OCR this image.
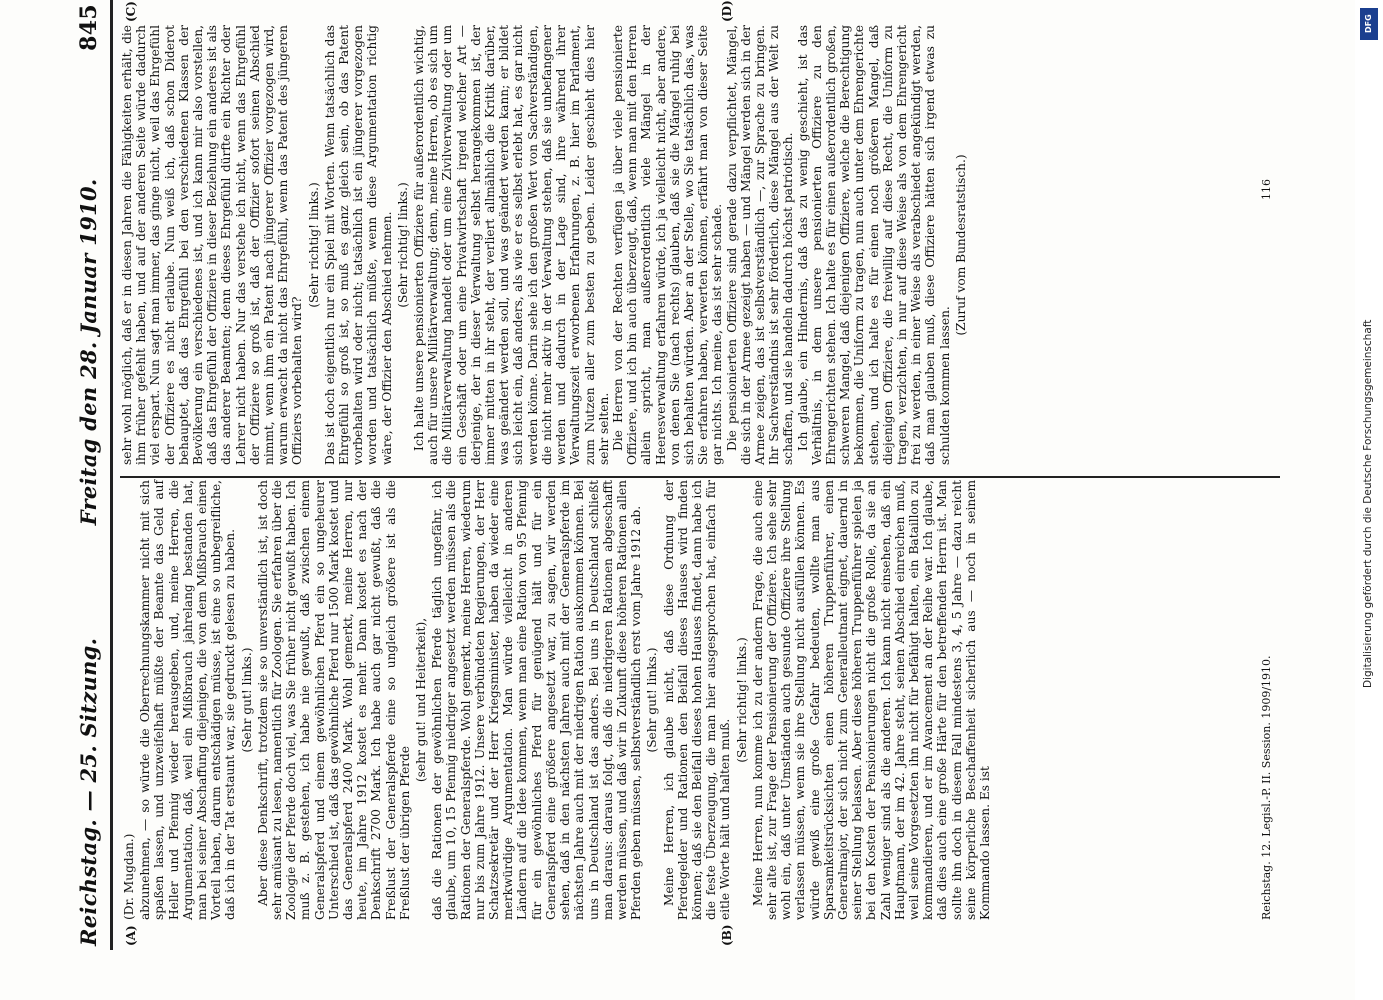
Reichstag. — 25. Sitzung.
Freitag den 28. Januar 1910. 845
(A)	(B)
(C)	(D)

(Dr. Mugdan.) abzunehmen, — so würde die Oberrechnungskammer nicht mit sich spaßen lassen, und unzweifelhaft müßte der Beamte das Geld auf Heller und Pfennig wieder herausgeben, und, meine Herren, die Argumentation, daß, weil ein Mißbrauch jahrelang bestanden hat, man bei seiner Abschaffung diejenigen, die von dem Mißbrauch einen Vorteil haben, darum entschädigen müsse, ist eine so unbegreifliche, daß ich in der Tat erstaunt war, sie gedruckt gelesen zu haben. (Sehr gut! links.) Aber diese Denkschrift, trotzdem sie so unverständlich ist, ist doch sehr amüsant zu lesen, namentlich für Zoologen. Sie erfahren über die Zoologie der Pferde doch viel, was Sie früher nicht gewußt haben. Ich muß z. B. gestehen, ich habe nie gewußt, daß zwischen einem Generalspferd und einem gewöhnlichen Pferd ein so ungeheurer Unterschied ist, daß das gewöhnliche Pferd nur 1500 Mark kostet und das Generalspferd 2400 Mark. Wohl gemerkt, meine Herren, nur heute, im Jahre 1912 kostet es mehr. Dann kostet es nach der Denkschrift 2700 Mark. Ich habe auch gar nicht gewußt, daß die Freßlust der Generalspferde eine so ungleich größere ist als die Freßlust der übrigen Pferde

(sehr gut! und Heiterkeit), daß die Rationen der gewöhnlichen Pferde täglich ungefähr, ich glaube, um 10, 15 Pfennig niedriger angesetzt werden müssen als die Rationen der Generalspferde. Wohl gemerkt, meine Herren, wiederum nur bis zum Jahre 1912. Unsere verbündeten Regierungen, der Herr Schatzsekretär und der Herr Kriegsminister, haben da wieder eine merkwürdige Argumentation. Man würde vielleicht in anderen Ländern auf die Idee kommen, wenn man eine Ration von 95 Pfennig für ein gewöhnliches Pferd für genügend hält und für ein Generalspferd eine größere angesetzt war, zu sagen, wir werden sehen, daß in den nächsten Jahren auch mit der Generalspferde im nächsten Jahre auch mit der niedrigen Ration auskommen können. Bei uns in Deutschland ist das anders. Bei uns in Deutschland schließt man daraus: daraus folgt, daß die niedrigeren Rationen abgeschafft werden müssen, und daß wir in Zukunft diese höheren Rationen allen Pferden geben müssen, selbstverständlich erst vom Jahre 1912 ab. (Sehr gut! links.) Meine Herren, ich glaube nicht, daß diese Ordnung der Pferdegelder und Rationen den Beifall dieses Hauses wird finden können; daß sie den Beifall dieses hohen Hauses findet, dann habe ich die feste Überzeugung, die man hier ausgesprochen hat, einfach für eitle Worte hält und halten muß.

(Sehr richtig! links.) Meine Herren, nun komme ich zu der andern Frage, die auch eine sehr alte ist, zur Frage der Pensionierung der Offiziere. Ich sehe sehr wohl ein, daß unter Umständen auch gesunde Offiziere ihre Stellung verlassen müssen, wenn sie ihre Stellung nicht ausfüllen können. Es würde gewiß eine große Gefahr bedeuten, wollte man aus Sparsamkeitsrücksichten einen höheren Truppenführer, einen Generalmajor, der sich nicht zum Generalleutnant eignet, dauernd in seiner Stellung belassen. Aber diese höheren Truppenführer spielen ja bei den Kosten der Pensionierungen nicht die große Rolle, da sie an Zahl weniger sind als die anderen. Ich kann nicht einsehen, daß ein Hauptmann, der im 42. Jahre steht, seinen Abschied einreichen muß, weil seine Vorgesetzten ihn nicht für befähigt halten, ein Bataillon zu kommandieren, und er im Avancement an der Reihe war. Ich glaube, daß dies auch eine große Härte für den betreffenden Herrn ist. Man sollte ihn doch in diesem Fall mindestens 3, 4, 5 Jahre — dazu reicht seine körperliche Beschaffenheit sicherlich aus — noch in seinem Kommando lassen. Es ist

sehr wohl möglich, daß er in diesen Jahren die Fähigkeiten erhält, die ihm früher gefehlt haben, und auf der anderen Seite würde dadurch viel erspart. Nun sagt man immer, das ginge nicht, weil das Ehrgefühl der Offiziere es nicht erlaube. Nun weiß ich, daß schon Diderot behauptet, daß das Ehrgefühl bei den verschiedenen Klassen der Bevölkerung ein verschiedenes ist, und ich kann mir also vorstellen, daß das Ehrgefühl der Offiziere in dieser Beziehung ein anderes ist als das anderer Beamten; denn dieses Ehrgefühl dürfte ein Richter oder Lehrer nicht haben. Nur das verstehe ich nicht, wenn das Ehrgefühl der Offiziere so groß ist, daß der Offizier sofort seinen Abschied nimmt, wenn ihm ein Patent nach jüngerer Offizier vorgezogen wird, warum erwacht da nicht das Ehrgefühl, wenn das Patent des jüngeren Offiziers vorbehalten wird?

(Sehr richtig! links.) Das ist doch eigentlich nur ein Spiel mit Worten. Wenn tatsächlich das Ehrgefühl so groß ist, so muß es ganz gleich sein, ob das Patent vorbehalten wird oder nicht; tatsächlich ist ein jüngerer vorgezogen worden und tatsächlich müßte, wenn diese Argumentation richtig wäre, der Offizier den Abschied nehmen. (Sehr richtig! links.) Ich halte unsere pensionierten Offiziere für außerordentlich wichtig, auch für unsere Militärverwaltung; denn, meine Herren, ob es sich um die Militärverwaltung handelt oder um eine Zivilverwaltung oder um ein Geschäft oder um eine Privatwirtschaft irgend welcher Art — derjenige, der in dieser Verwaltung selbst herangekommen ist, der immer mitten in ihr steht, der verliert allmählich die Kritik darüber, was geändert werden soll, und was geändert werden kann; er bildet sich leicht ein, daß anders, als wie er es selbst erlebt hat, es gar nicht werden könne. Darin sehe ich den großen Wert von Sachverständigen, die nicht mehr aktiv in der Verwaltung stehen, daß sie unbefangener werden und dadurch in der Lage sind, ihre während ihrer Verwaltungszeit erworbenen Erfahrungen, z. B. hier im Parlament, zum Nutzen aller zum besten zu geben. Leider geschieht dies hier sehr selten. Die Herren von der Rechten verfügen ja über viele pensionierte Offiziere, und ich bin auch überzeugt, daß, wenn man mit den Herren allein spricht, man außerordentlich viele Mängel in der Heeresverwaltung erfahren würde, ich ja vielleicht nicht, aber andere, von denen Sie (nach rechts) glauben, daß sie die Mängel ruhig bei sich behalten würden. Aber an der Stelle, wo Sie tatsächlich das, was Sie erfahren haben, verwerten können, erfährt man von dieser Seite gar nichts. Ich meine, das ist sehr schade. Die pensionierten Offiziere sind gerade dazu verpflichtet, Mängel, die sich in der Armee gezeigt haben — und Mängel werden sich in der Armee zeigen, das ist selbstverständlich —, zur Sprache zu bringen. Ihr Sachverständnis ist sehr förderlich, diese Mängel aus der Welt zu schaffen, und sie handeln dadurch höchst patriotisch. Ich glaube, ein Hindernis, daß das zu wenig geschieht, ist das Verhältnis, in dem unsere pensionierten Offiziere zu den Ehrengerichten stehen. Ich halte es für einen außerordentlich großen, schweren Mangel, daß diejenigen Offiziere, welche die Berechtigung bekommen, die Uniform zu tragen, nun auch unter dem Ehrengerichte stehen, und ich halte es für einen noch größeren Mangel, daß diejenigen Offiziere, die freiwillig auf diese Recht, die Uniform zu tragen, verzichten, in nur auf diese Weise als von dem Ehrengericht frei zu werden, in einer Weise als verabschiedet angekündigt werden, daß man glauben muß, diese Offiziere hätten sich irgend etwas zu schulden kommen lassen.

(Zuruf vom Bundesratstisch.)

Reichstag. 12. Legisl.-P. II. Session. 1909/1910.
116
DFG
Digitalisierung gefördert durch die Deutsche Forschungsgemeinschaft
